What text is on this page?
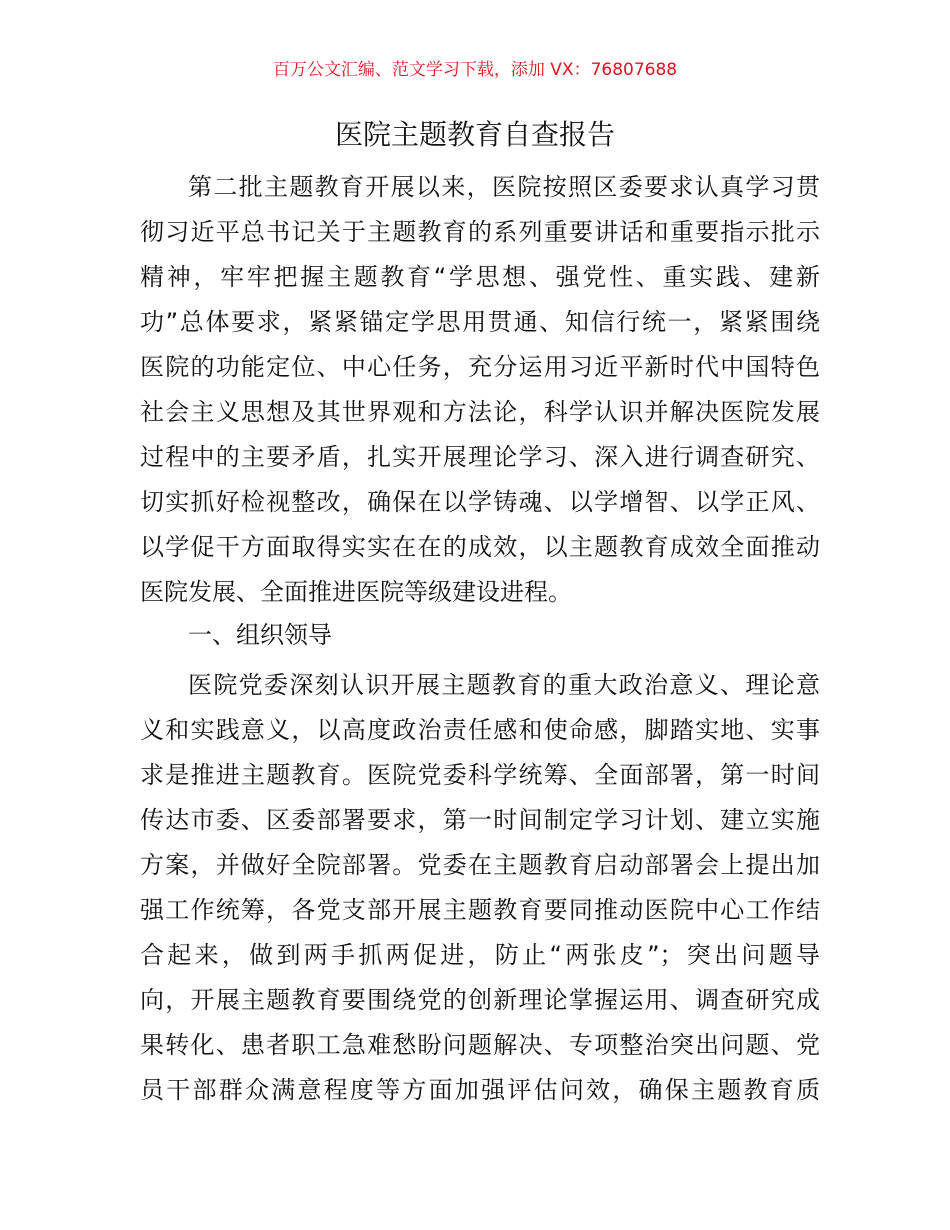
百万公文汇编、范文学习下载，添加 VX：76807688
医院主题教育自查报告
第二批主题教育开展以来，医院按照区委要求认真学习贯
彻习近平总书记关于主题教育的系列重要讲话和重要指示批示
精神，牢牢把握主题教育“学思想、强党性、重实践、建新
功”总体要求，紧紧锚定学思用贯通、知信行统一，紧紧围绕
医院的功能定位、中心任务，充分运用习近平新时代中国特色
社会主义思想及其世界观和方法论，科学认识并解决医院发展
过程中的主要矛盾，扎实开展理论学习、深入进行调查研究、
切实抓好检视整改，确保在以学铸魂、以学增智、以学正风、
以学促干方面取得实实在在的成效，以主题教育成效全面推动
医院发展、全面推进医院等级建设进程。
一、组织领导
医院党委深刻认识开展主题教育的重大政治意义、理论意
义和实践意义，以高度政治责任感和使命感，脚踏实地、实事
求是推进主题教育。医院党委科学统筹、全面部署，第一时间
传达市委、区委部署要求，第一时间制定学习计划、建立实施
方案，并做好全院部署。党委在主题教育启动部署会上提出加
强工作统筹，各党支部开展主题教育要同推动医院中心工作结
合起来，做到两手抓两促进，防止“两张皮”；突出问题导
向，开展主题教育要围绕党的创新理论掌握运用、调查研究成
果转化、患者职工急难愁盼问题解决、专项整治突出问题、党
员干部群众满意程度等方面加强评估问效，确保主题教育质
